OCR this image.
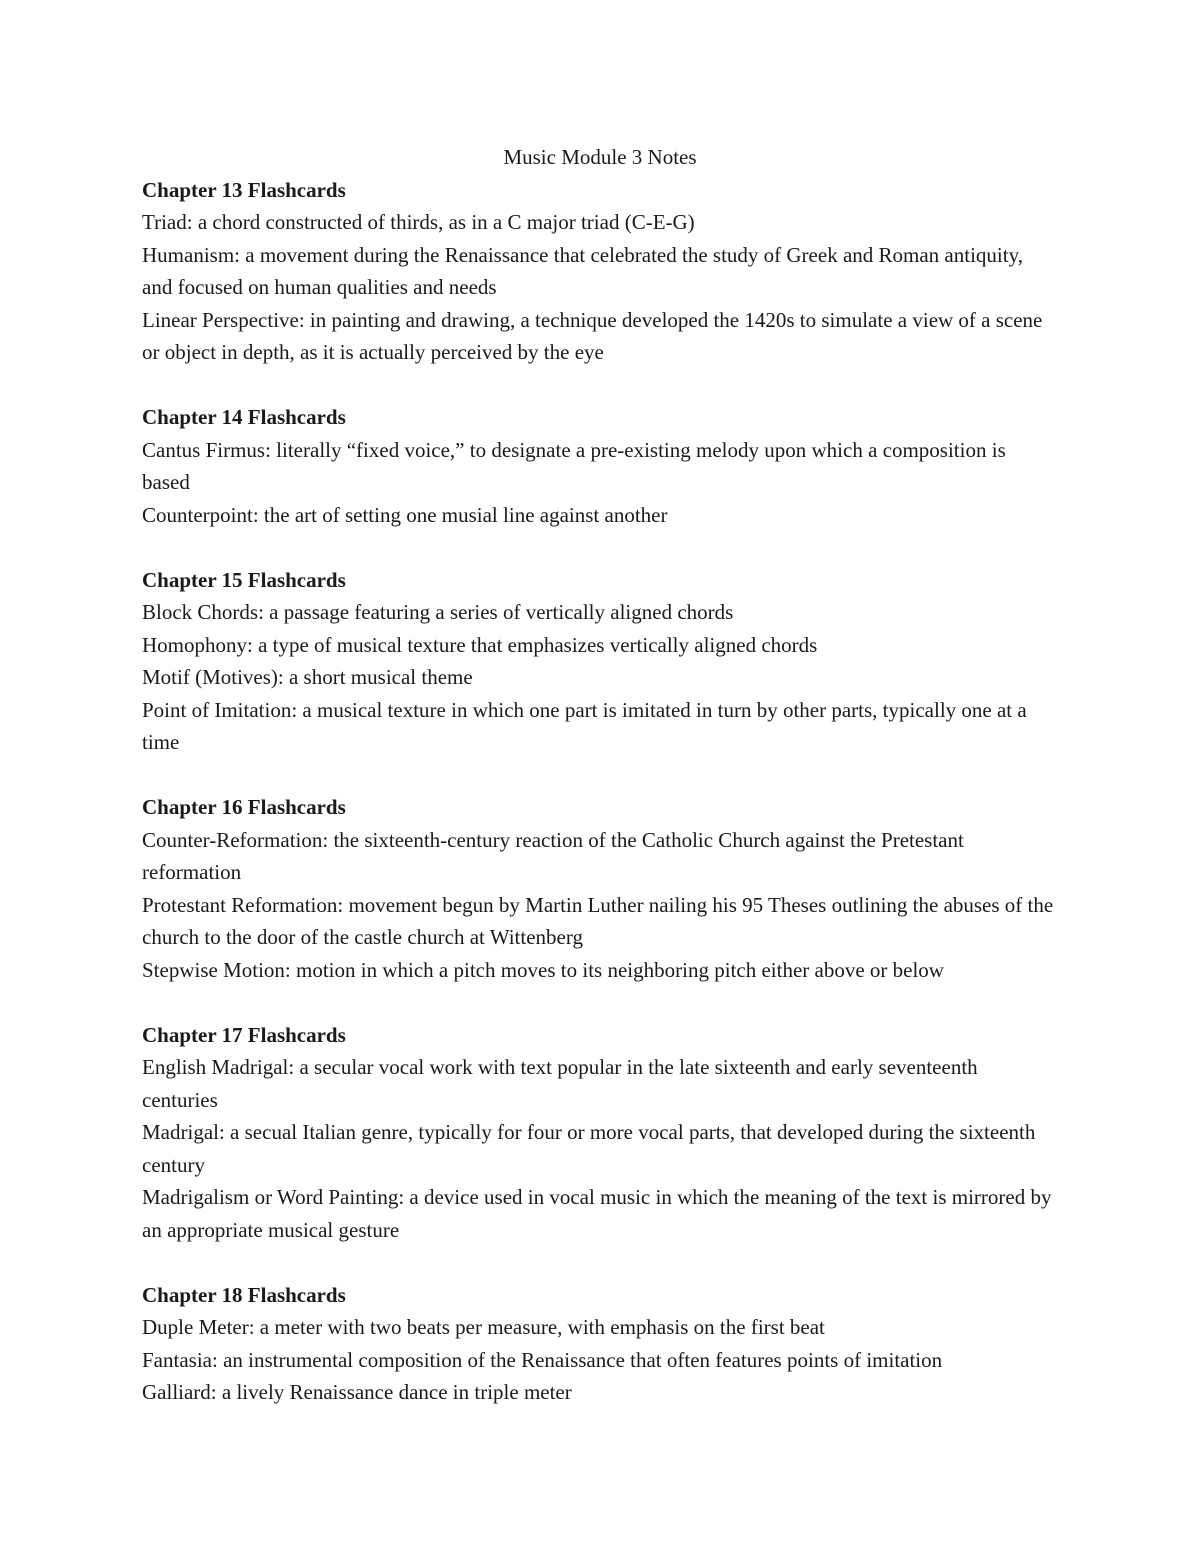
Music Module 3 Notes

Chapter 13 Flashcards

Triad: a chord constructed of thirds, as in a C major triad (C-E-G)

Humanism: a movement during the Renaissance that celebrated the study of Greek and Roman antiquity, and focused on human qualities and needs

Linear Perspective: in painting and drawing, a technique developed the 1420s to simulate a view of a scene or object in depth, as it is actually perceived by the eye

Chapter 14 Flashcards

Cantus Firmus: literally “fixed voice,” to designate a pre-existing melody upon which a composition is based

Counterpoint: the art of setting one musial line against another

Chapter 15 Flashcards

Block Chords: a passage featuring a series of vertically aligned chords

Homophony: a type of musical texture that emphasizes vertically aligned chords

Motif (Motives): a short musical theme

Point of Imitation: a musical texture in which one part is imitated in turn by other parts, typically one at a time

Chapter 16 Flashcards

Counter-Reformation: the sixteenth-century reaction of the Catholic Church against the Pretestant reformation

Protestant Reformation: movement begun by Martin Luther nailing his 95 Theses outlining the abuses of the church to the door of the castle church at Wittenberg

Stepwise Motion: motion in which a pitch moves to its neighboring pitch either above or below

Chapter 17 Flashcards

English Madrigal: a secular vocal work with text popular in the late sixteenth and early seventeenth centuries

Madrigal: a secual Italian genre, typically for four or more vocal parts, that developed during the sixteenth century

Madrigalism or Word Painting: a device used in vocal music in which the meaning of the text is mirrored by an appropriate musical gesture

Chapter 18 Flashcards

Duple Meter: a meter with two beats per measure, with emphasis on the first beat

Fantasia: an instrumental composition of the Renaissance that often features points of imitation

Galliard: a lively Renaissance dance in triple meter
